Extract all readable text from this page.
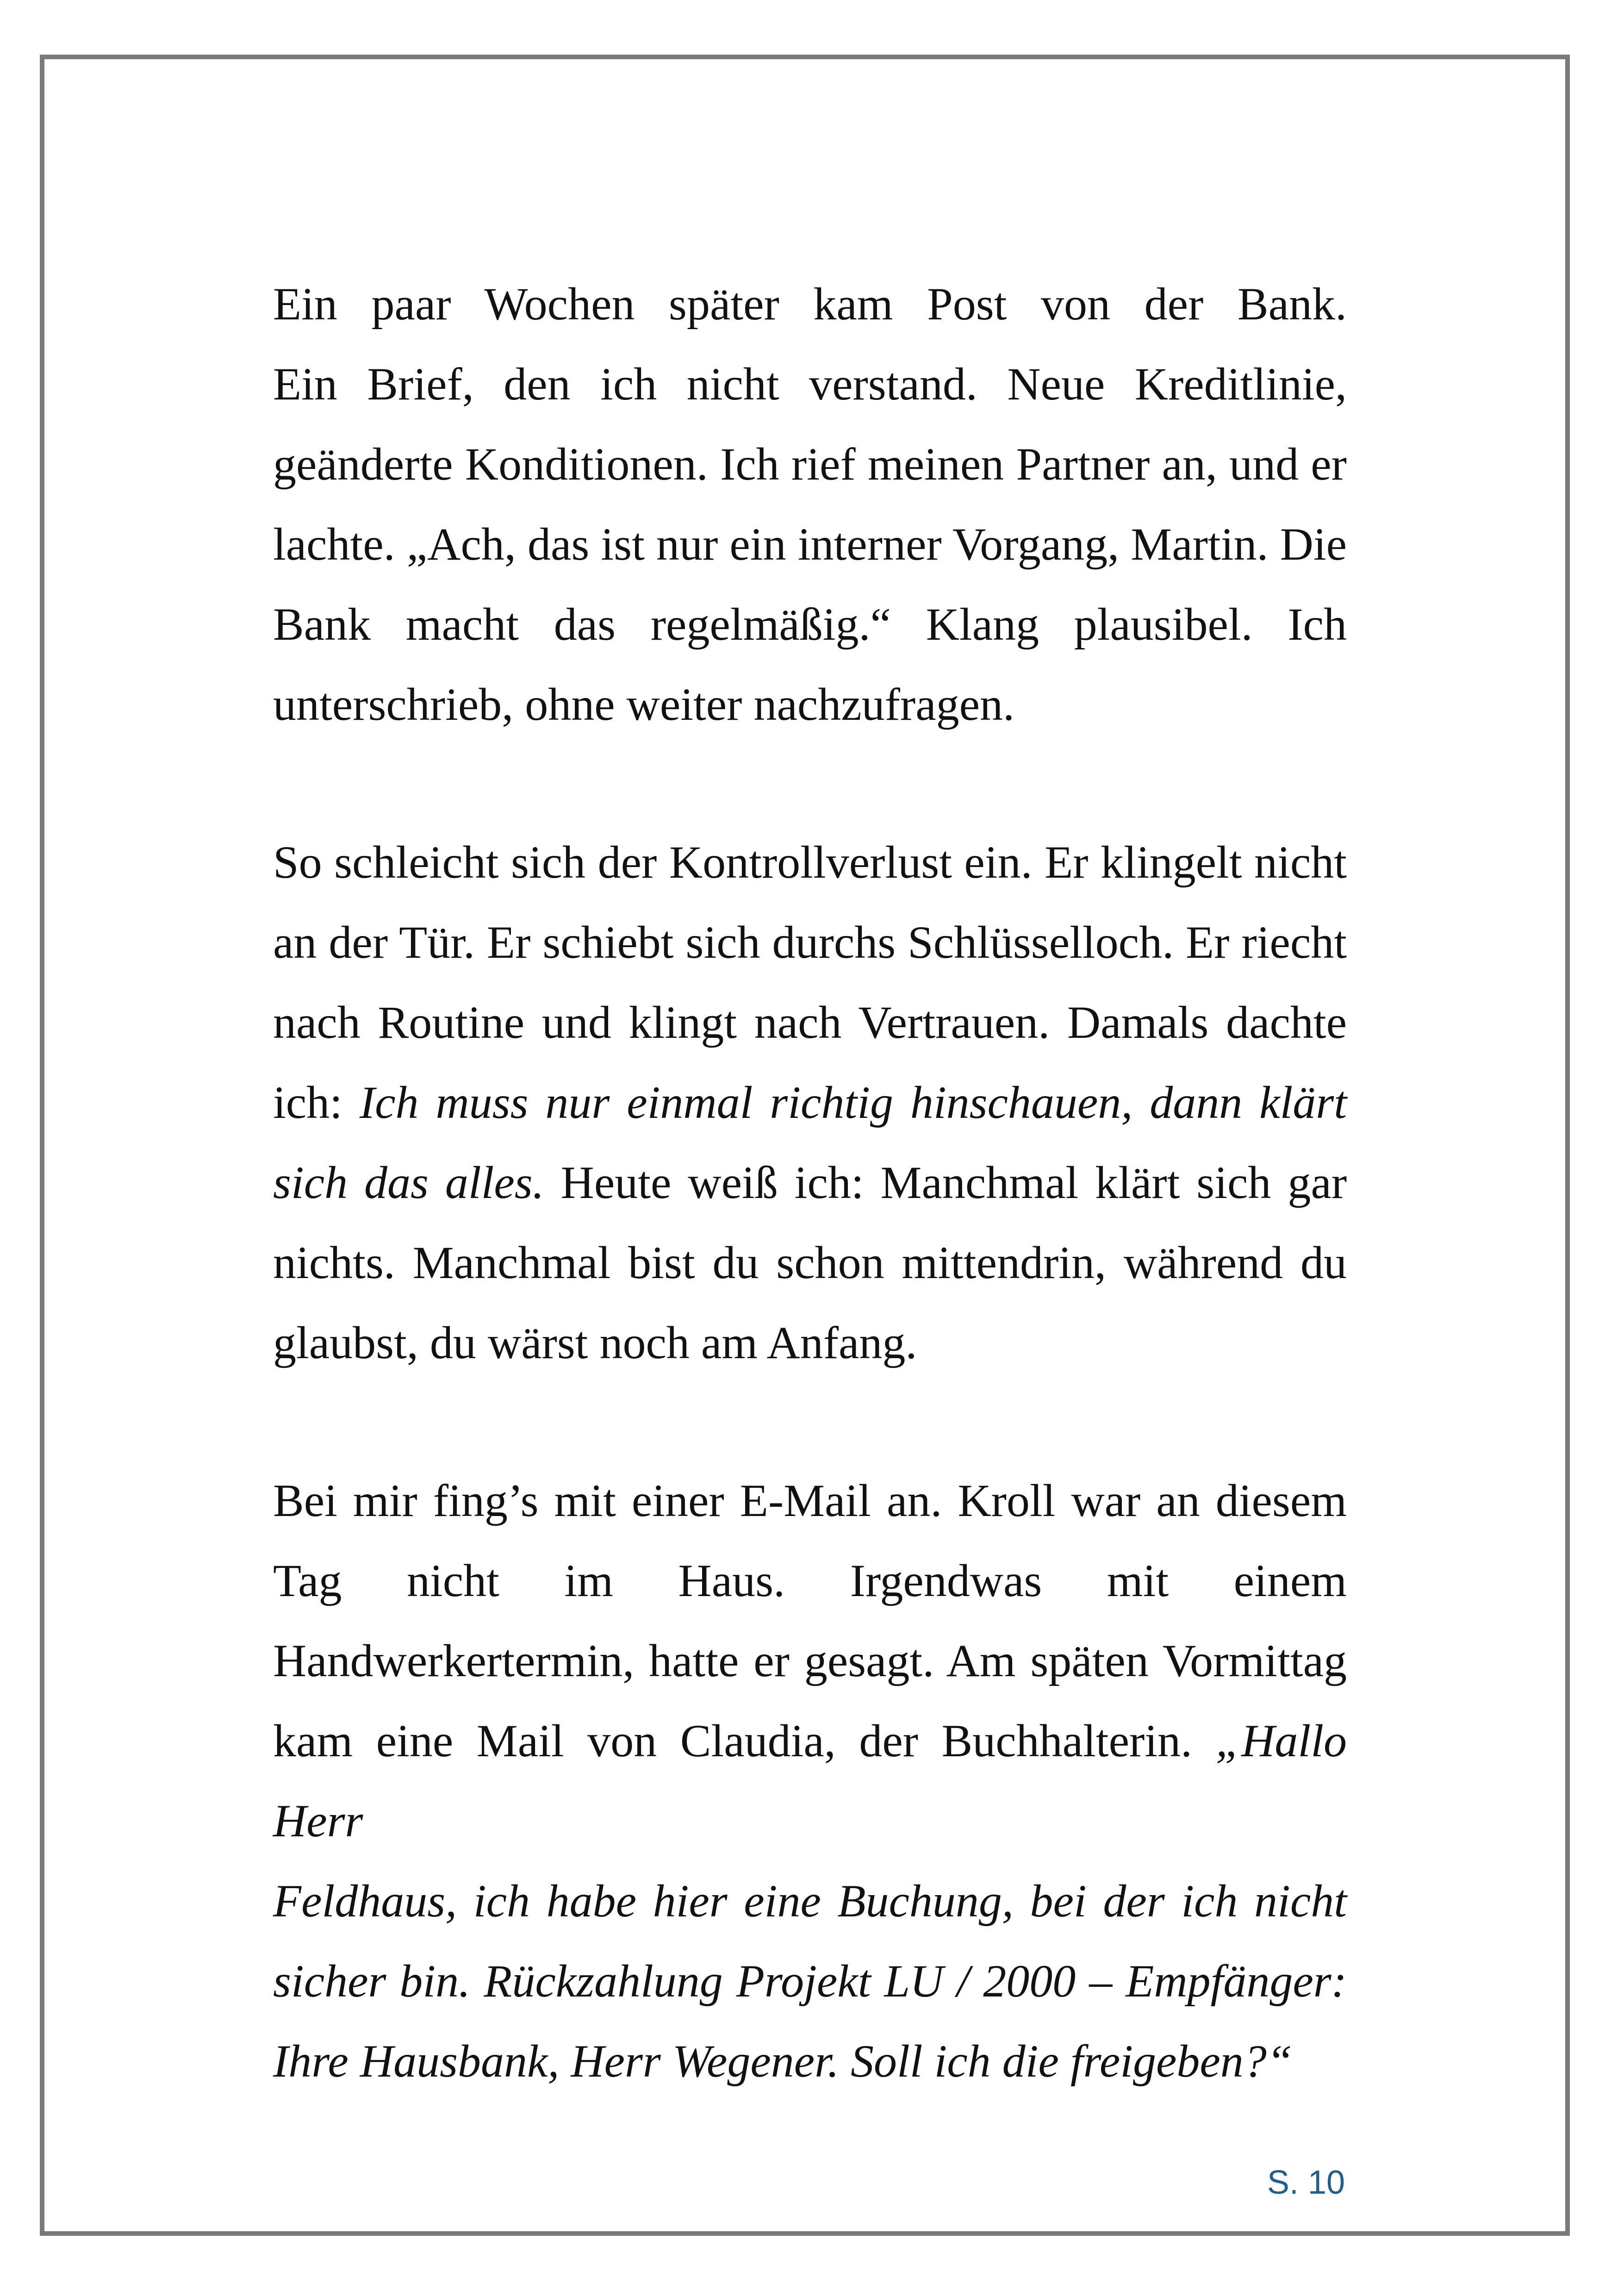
Ein paar Wochen später kam Post von der Bank.
Ein Brief, den ich nicht verstand. Neue Kreditlinie,
geänderte Konditionen. Ich rief meinen Partner an, und er
lachte. „Ach, das ist nur ein interner Vorgang, Martin. Die
Bank macht das regelmäßig.“ Klang plausibel. Ich
unterschrieb, ohne weiter nachzufragen.

So schleicht sich der Kontrollverlust ein. Er klingelt nicht
an der Tür. Er schiebt sich durchs Schlüsselloch. Er riecht
nach Routine und klingt nach Vertrauen. Damals dachte
ich: Ich muss nur einmal richtig hinschauen, dann klärt
sich das alles. Heute weiß ich: Manchmal klärt sich gar
nichts. Manchmal bist du schon mittendrin, während du
glaubst, du wärst noch am Anfang.

Bei mir fing’s mit einer E-Mail an. Kroll war an diesem
Tag nicht im Haus. Irgendwas mit einem
Handwerkertermin, hatte er gesagt. Am späten Vormittag
kam eine Mail von Claudia, der Buchhalterin. „Hallo Herr
Feldhaus, ich habe hier eine Buchung, bei der ich nicht
sicher bin. Rückzahlung Projekt LU / 2000 – Empfänger:
Ihre Hausbank, Herr Wegener. Soll ich die freigeben?“

S. 10
